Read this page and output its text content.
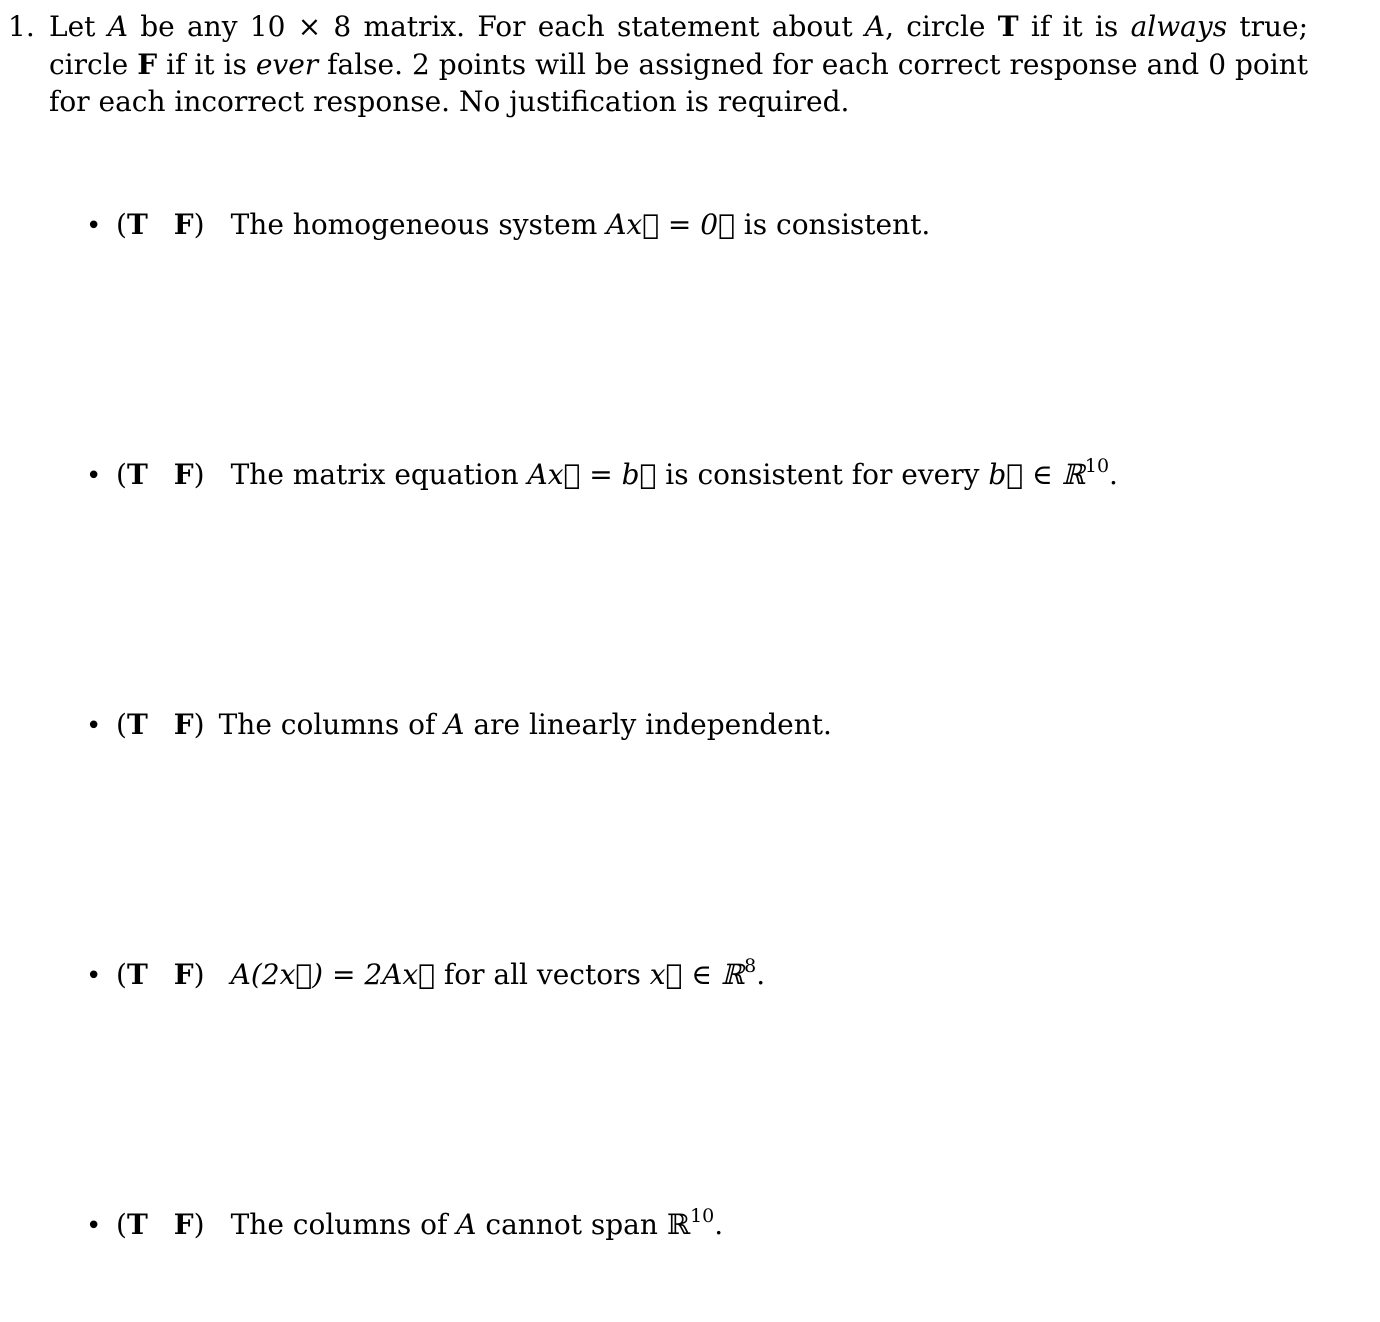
1. Let A be any 10 × 8 matrix. For each statement about A, circle T if it is always true; circle F if it is ever false. 2 points will be assigned for each correct response and 0 point for each incorrect response. No justification is required.
• (T F) The homogeneous system Ax⃗ = 0⃗ is consistent.
• (T F) The matrix equation Ax⃗ = b⃗ is consistent for every b⃗ ∈ ℝ$^{10}$.
• (T F) The columns of A are linearly independent.
• (T F) A(2x⃗) = 2Ax⃗ for all vectors x⃗ ∈ ℝ$^8$.
• (T F) The columns of A cannot span ℝ$^{10}$.
